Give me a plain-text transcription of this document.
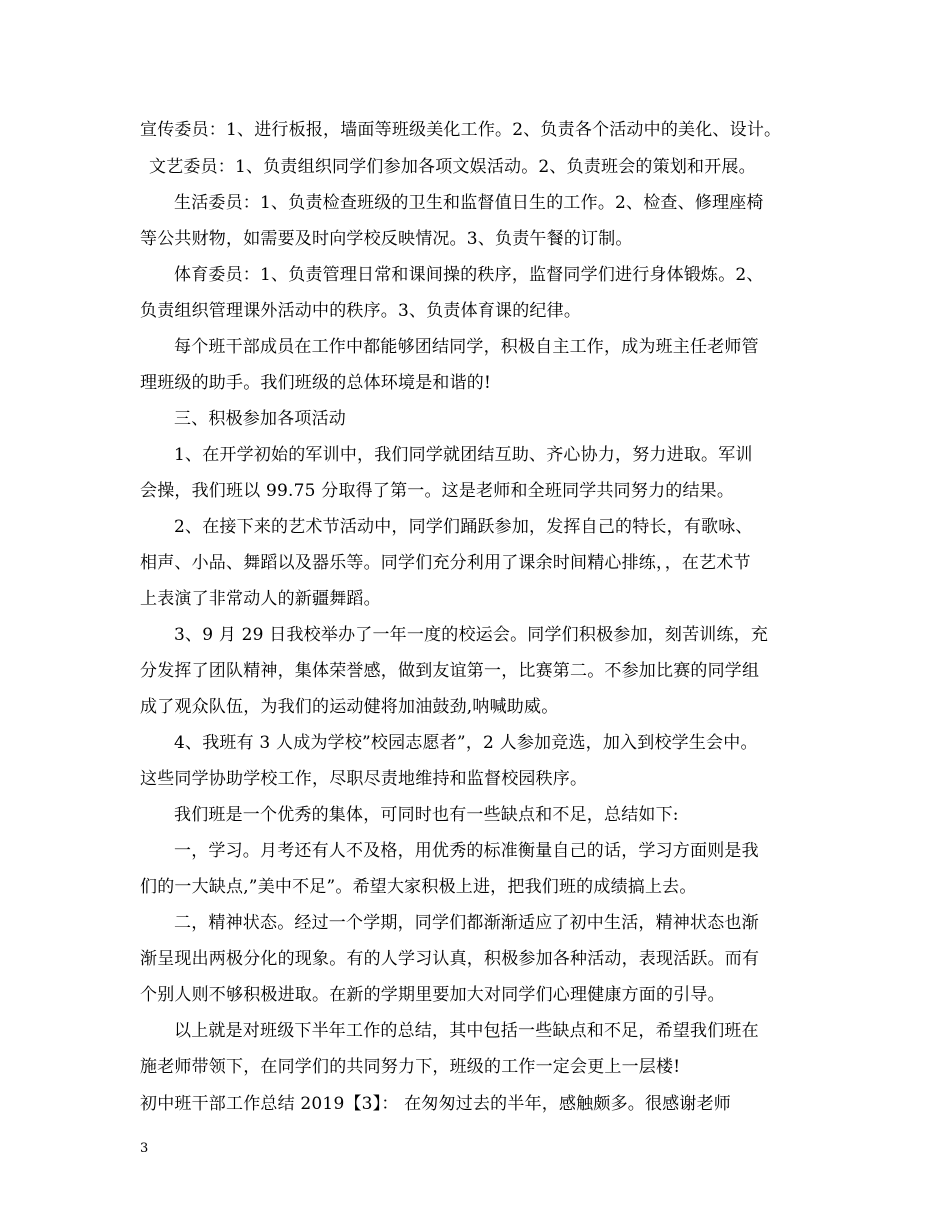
宣传委员：1、进行板报，墙面等班级美化工作。2、负责各个活动中的美化、设计。
文艺委员：1、负责组织同学们参加各项文娱活动。2、负责班会的策划和开展。
生活委员：1、负责检查班级的卫生和监督值日生的工作。2、检查、修理座椅
等公共财物，如需要及时向学校反映情况。3、负责午餐的订制。
体育委员：1、负责管理日常和课间操的秩序，监督同学们进行身体锻炼。2、
负责组织管理课外活动中的秩序。3、负责体育课的纪律。
每个班干部成员在工作中都能够团结同学，积极自主工作，成为班主任老师管
理班级的助手。我们班级的总体环境是和谐的!
三、积极参加各项活动
1、在开学初始的军训中，我们同学就团结互助、齐心协力，努力进取。军训
会操，我们班以 99.75 分取得了第一。这是老师和全班同学共同努力的结果。
2、在接下来的艺术节活动中，同学们踊跃参加，发挥自己的特长，有歌咏、
相声、小品、舞蹈以及器乐等。同学们充分利用了课余时间精心排练，，在艺术节
上表演了非常动人的新疆舞蹈。
3、9 月 29 日我校举办了一年一度的校运会。同学们积极参加，刻苦训练，充
分发挥了团队精神，集体荣誉感，做到友谊第一，比赛第二。不参加比赛的同学组
成了观众队伍，为我们的运动健将加油鼓劲,呐喊助威。
4、我班有 3 人成为学校”校园志愿者”，2 人参加竞选，加入到校学生会中。
这些同学协助学校工作，尽职尽责地维持和监督校园秩序。
我们班是一个优秀的集体，可同时也有一些缺点和不足，总结如下:
一，学习。月考还有人不及格，用优秀的标准衡量自己的话，学习方面则是我
们的一大缺点,”美中不足”。希望大家积极上进，把我们班的成绩搞上去。
二，精神状态。经过一个学期，同学们都渐渐适应了初中生活，精神状态也渐
渐呈现出两极分化的现象。有的人学习认真，积极参加各种活动，表现活跃。而有
个别人则不够积极进取。在新的学期里要加大对同学们心理健康方面的引导。
以上就是对班级下半年工作的总结，其中包括一些缺点和不足，希望我们班在
施老师带领下，在同学们的共同努力下，班级的工作一定会更上一层楼!
初中班干部工作总结 2019【3】： 在匆匆过去的半年，感触颇多。很感谢老师
3
